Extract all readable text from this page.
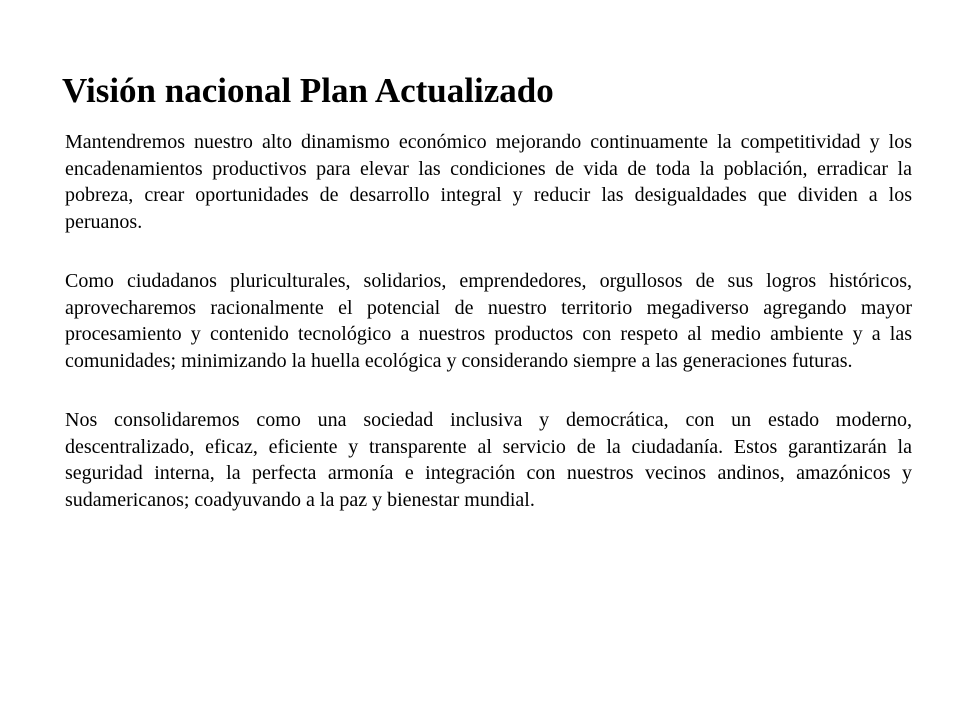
Visión nacional Plan Actualizado

Mantendremos nuestro alto dinamismo económico mejorando continuamente la competitividad y los encadenamientos productivos para elevar las condiciones de vida de toda la población, erradicar la pobreza, crear oportunidades de desarrollo integral y reducir las desigualdades que dividen a los peruanos.

Como ciudadanos pluriculturales, solidarios, emprendedores, orgullosos de sus logros históricos, aprovecharemos racionalmente el potencial de nuestro territorio megadiverso agregando mayor procesamiento y contenido tecnológico a nuestros productos con respeto al medio ambiente y a las comunidades; minimizando la huella ecológica y considerando siempre a las generaciones futuras.

Nos consolidaremos como una sociedad inclusiva y democrática, con un estado moderno, descentralizado, eficaz, eficiente y transparente al servicio de la ciudadanía. Estos garantizarán la seguridad interna, la perfecta armonía e integración con nuestros vecinos andinos, amazónicos y sudamericanos; coadyuvando a la paz y bienestar mundial.
